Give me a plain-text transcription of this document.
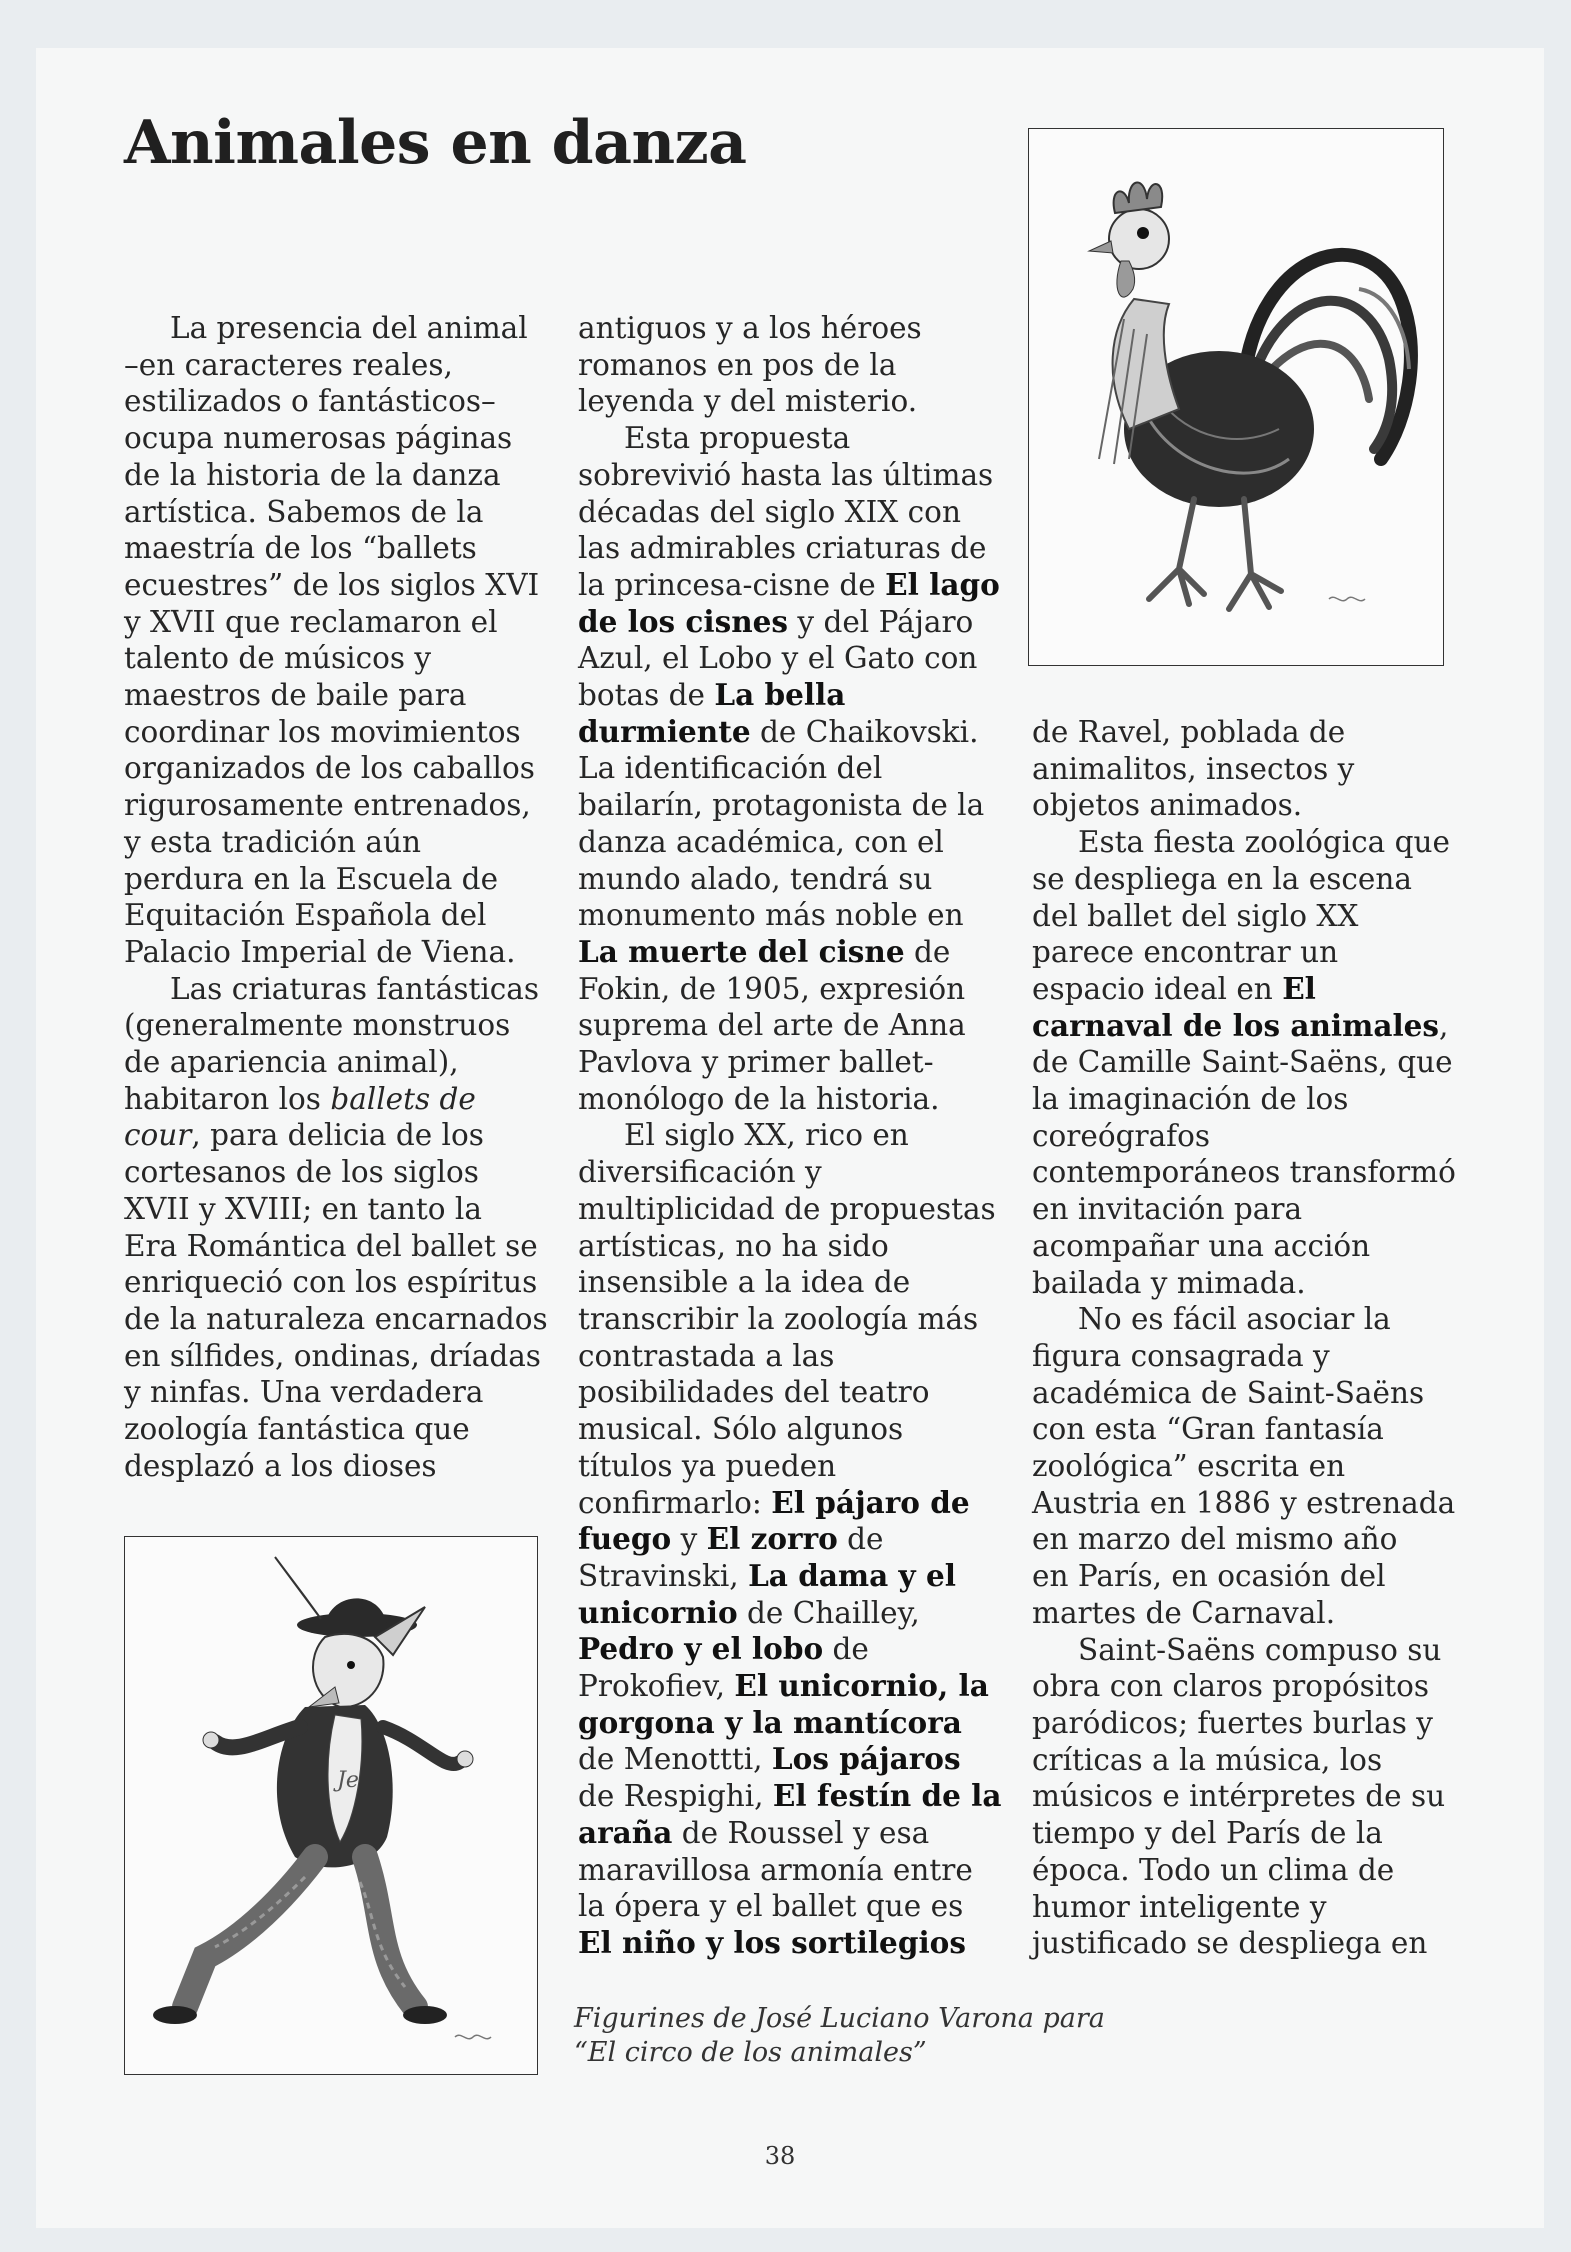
Animales en danza

La presencia del animal

–en caracteres reales,

estilizados o fantásticos–

ocupa numerosas páginas

de la historia de la danza

artística. Sabemos de la

maestría de los “ballets

ecuestres” de los siglos XVI

y XVII que reclamaron el

talento de músicos y

maestros de baile para

coordinar los movimientos

organizados de los caballos

rigurosamente entrenados,

y esta tradición aún

perdura en la Escuela de

Equitación Española del

Palacio Imperial de Viena.

Las criaturas fantásticas

(generalmente monstruos

de apariencia animal),

habitaron los ballets de

cour, para delicia de los

cortesanos de los siglos

XVII y XVIII; en tanto la

Era Romántica del ballet se

enriqueció con los espíritus

de la naturaleza encarnados

en sílfides, ondinas, dríadas

y ninfas. Una verdadera

zoología fantástica que

desplazó a los dioses

antiguos y a los héroes

romanos en pos de la

leyenda y del misterio.

Esta propuesta

sobrevivió hasta las últimas

décadas del siglo XIX con

las admirables criaturas de

la princesa-cisne de El lago

de los cisnes y del Pájaro

Azul, el Lobo y el Gato con

botas de La bella

durmiente de Chaikovski.

La identificación del

bailarín, protagonista de la

danza académica, con el

mundo alado, tendrá su

monumento más noble en

La muerte del cisne de

Fokin, de 1905, expresión

suprema del arte de Anna

Pavlova y primer ballet-

monólogo de la historia.

El siglo XX, rico en

diversificación y

multiplicidad de propuestas

artísticas, no ha sido

insensible a la idea de

transcribir la zoología más

contrastada a las

posibilidades del teatro

musical. Sólo algunos

títulos ya pueden

confirmarlo: El pájaro de

fuego y El zorro de

Stravinski, La dama y el

unicornio de Chailley,

Pedro y el lobo de

Prokofiev, El unicornio, la

gorgona y la mantícora

de Menottti, Los pájaros

de Respighi, El festín de la

araña de Roussel y esa

maravillosa armonía entre

la ópera y el ballet que es

El niño y los sortilegios

de Ravel, poblada de

animalitos, insectos y

objetos animados.

Esta fiesta zoológica que

se despliega en la escena

del ballet del siglo XX

parece encontrar un

espacio ideal en El

carnaval de los animales,

de Camille Saint-Saëns, que

la imaginación de los

coreógrafos

contemporáneos transformó

en invitación para

acompañar una acción

bailada y mimada.

No es fácil asociar la

figura consagrada y

académica de Saint-Saëns

con esta “Gran fantasía

zoológica” escrita en

Austria en 1886 y estrenada

en marzo del mismo año

en París, en ocasión del

martes de Carnaval.

Saint-Saëns compuso su

obra con claros propósitos

paródicos; fuertes burlas y

críticas a la música, los

músicos e intérpretes de su

tiempo y del París de la

época. Todo un clima de

humor inteligente y

justificado se despliega en

Je
Figurines de José Luciano Varona para
“El circo de los animales”
38
